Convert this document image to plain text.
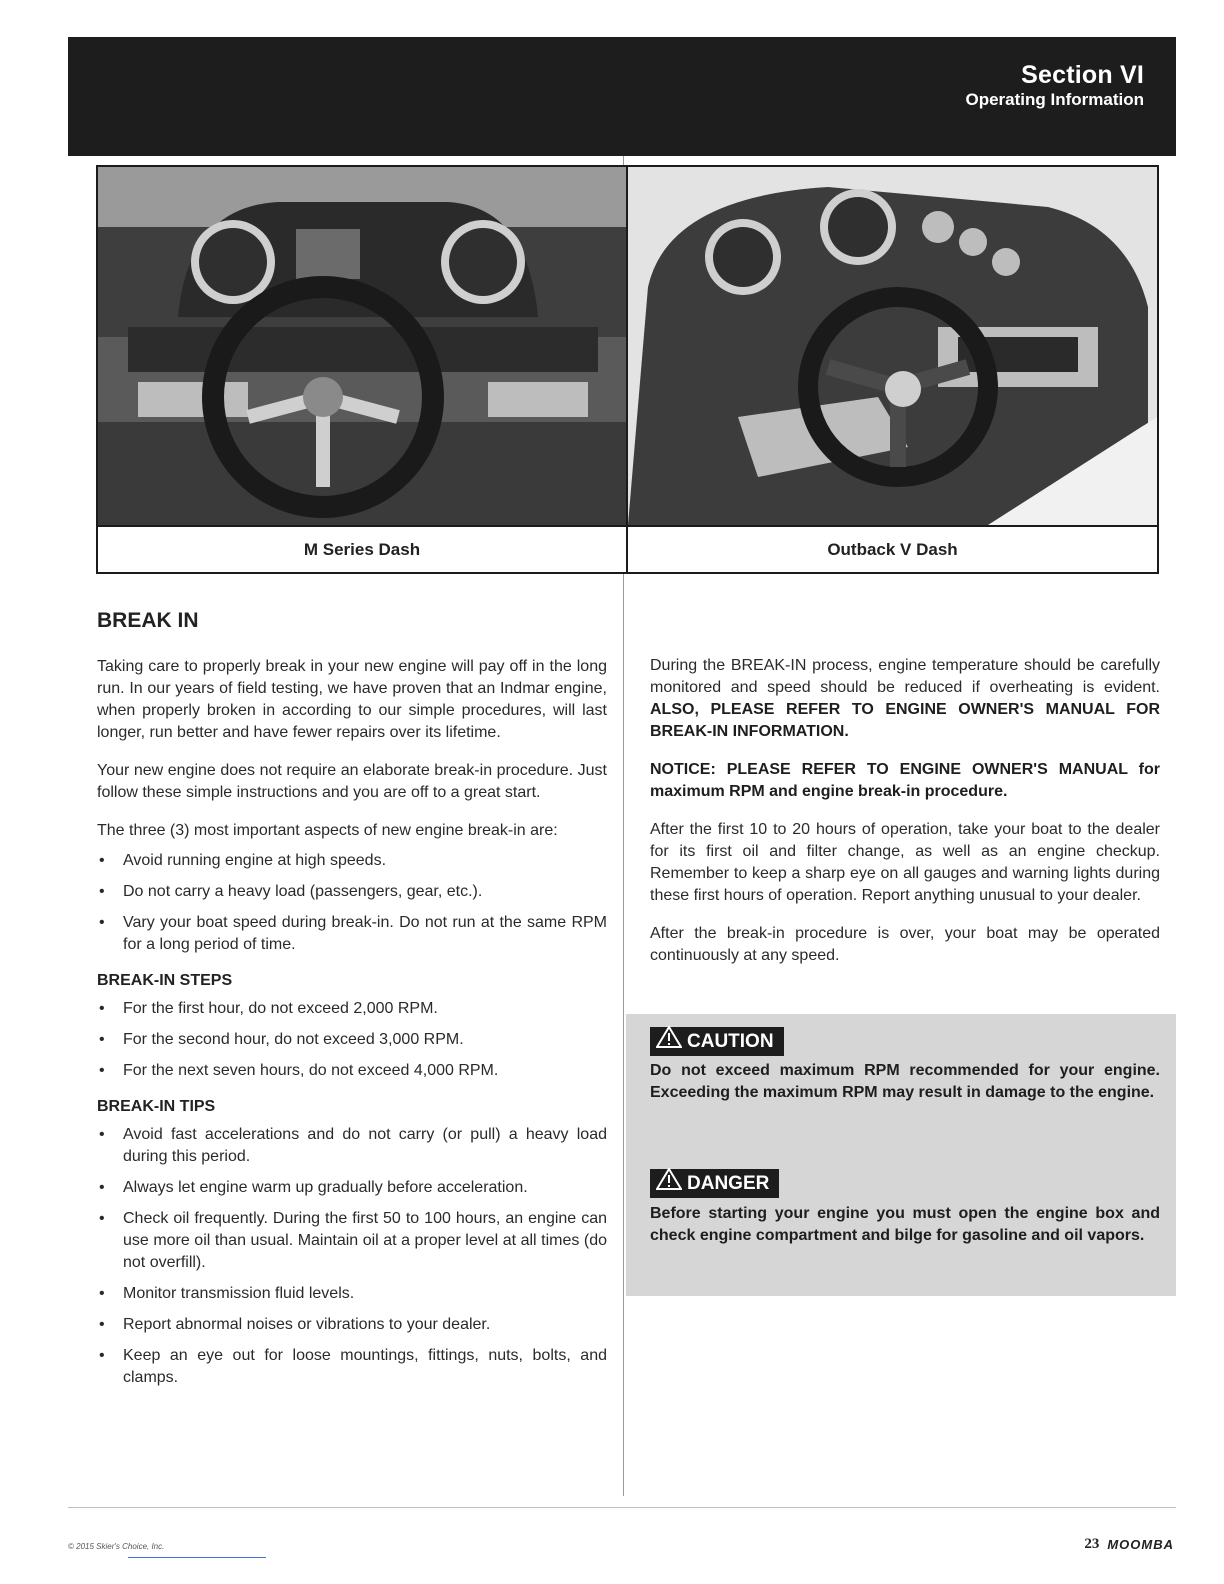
Section VI
Operating Information
M Series Dash	Outback V Dash
BREAK IN

Taking care to properly break in your new engine will pay off in the long run. In our years of field testing, we have proven that an Indmar engine, when properly broken in according to our simple procedures, will last longer, run better and have fewer repairs over its lifetime.

Your new engine does not require an elaborate break-in procedure. Just follow these simple instructions and you are off to a great start.

The three (3) most important aspects of new engine break-in are:

• Avoid running engine at high speeds.
• Do not carry a heavy load (passengers, gear, etc.).
• Vary your boat speed during break-in. Do not run at the same RPM for a long period of time.
BREAK-IN STEPS
• For the first hour, do not exceed 2,000 RPM.
• For the second hour, do not exceed 3,000 RPM.
• For the next seven hours, do not exceed 4,000 RPM.
BREAK-IN TIPS
• Avoid fast accelerations and do not carry (or pull) a heavy load during this period.
• Always let engine warm up gradually before acceleration.
• Check oil frequently. During the first 50 to 100 hours, an engine can use more oil than usual. Maintain oil at a proper level at all times (do not overfill).
• Monitor transmission fluid levels.
• Report abnormal noises or vibrations to your dealer.
• Keep an eye out for loose mountings, fittings, nuts, bolts, and clamps.

During the BREAK-IN process, engine temperature should be carefully monitored and speed should be reduced if overheating is evident. ALSO, PLEASE REFER TO ENGINE OWNER'S MANUAL FOR BREAK-IN INFORMATION.

NOTICE: PLEASE REFER TO ENGINE OWNER'S MANUAL for maximum RPM and engine break-in procedure.

After the first 10 to 20 hours of operation, take your boat to the dealer for its first oil and filter change, as well as an engine checkup. Remember to keep a sharp eye on all gauges and warning lights during these first hours of operation. Report anything unusual to your dealer.

After the break-in procedure is over, your boat may be operated continuously at any speed.

CAUTION
Do not exceed maximum RPM recommended for your engine. Exceeding the maximum RPM may result in damage to the engine.
DANGER
Before starting your engine you must open the engine box and check engine compartment and bilge for gasoline and oil vapors.
© 2015 Skier's Choice, Inc.	23 MOOMBA
